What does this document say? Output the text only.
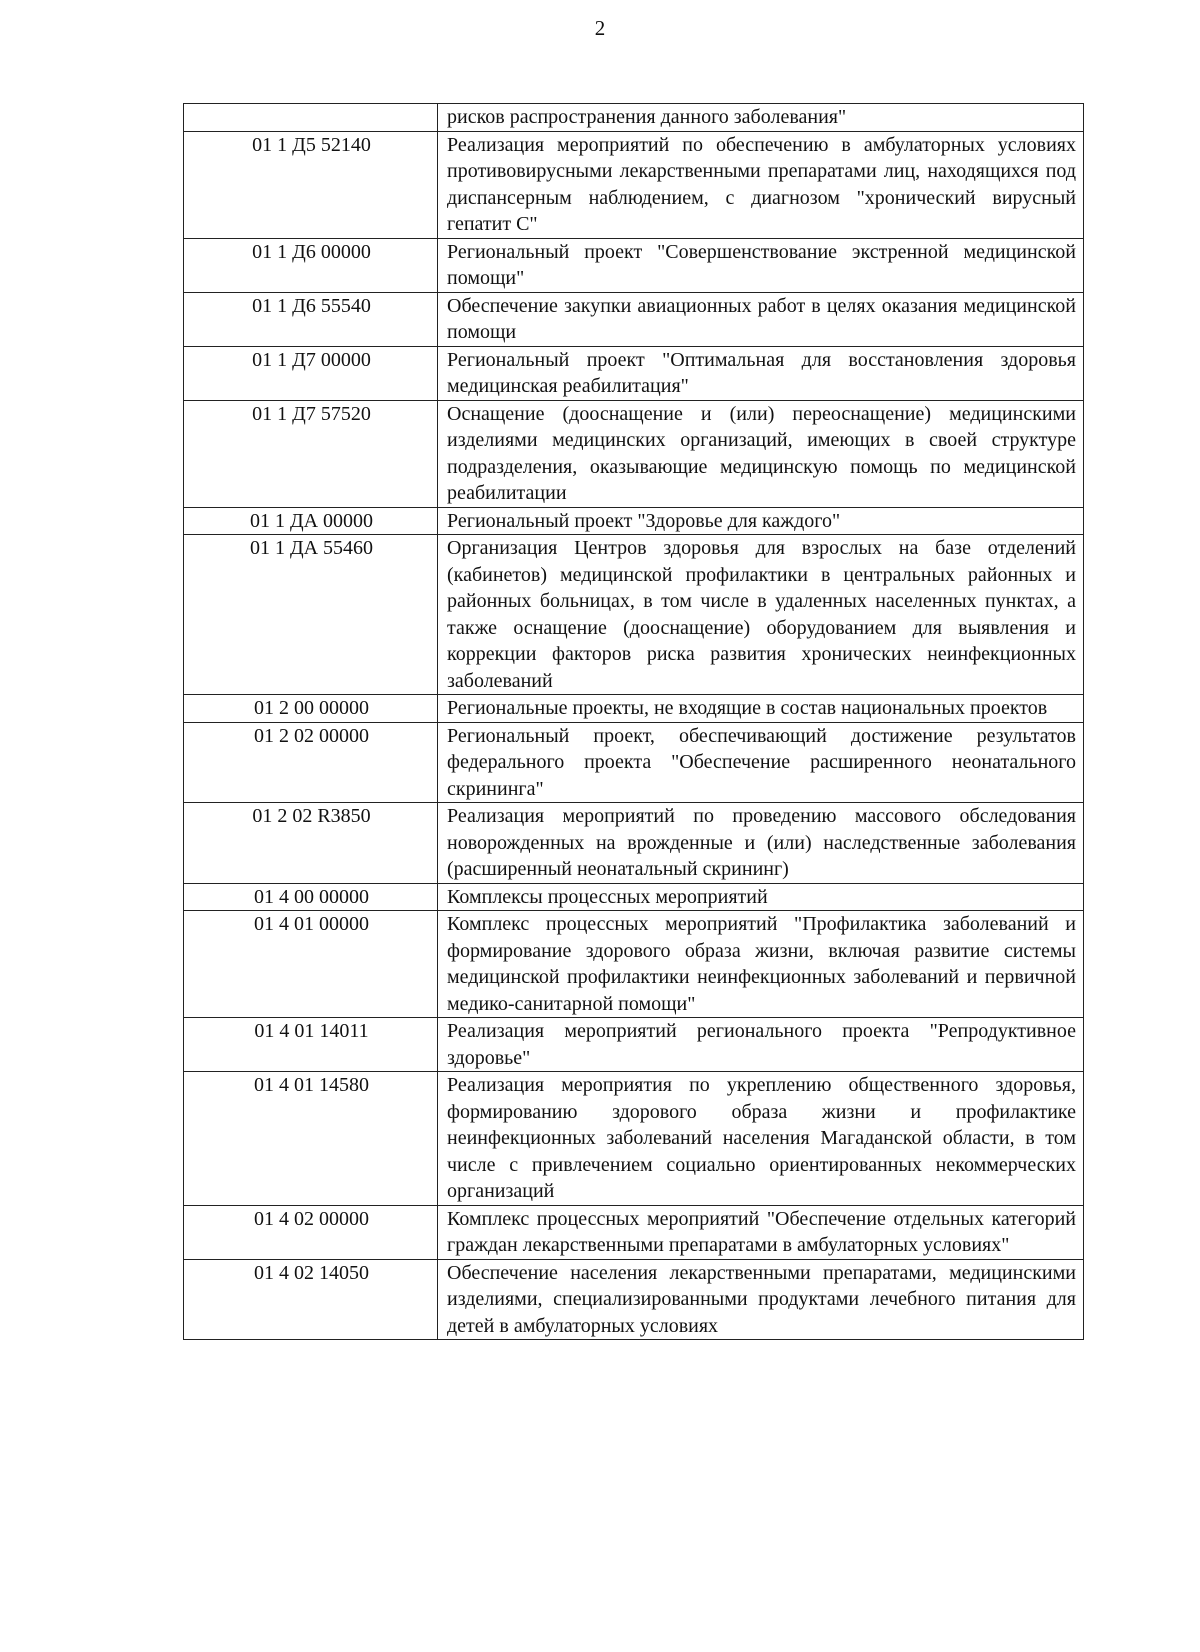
2
	рисков распространения данного заболевания"
01 1 Д5 52140	Реализация мероприятий по обеспечению в амбулаторных условиях противовирусными лекарственными препаратами лиц, находящихся под диспансерным наблюдением, с диагнозом "хронический вирусный гепатит С"
01 1 Д6 00000	Региональный проект "Совершенствование экстренной медицинской помощи"
01 1 Д6 55540	Обеспечение закупки авиационных работ в целях оказания медицинской помощи
01 1 Д7 00000	Региональный проект "Оптимальная для восстановления здоровья медицинская реабилитация"
01 1 Д7 57520	Оснащение (дооснащение и (или) переоснащение) медицинскими изделиями медицинских организаций, имеющих в своей структуре подразделения, оказывающие медицинскую помощь по медицинской реабилитации
01 1 ДА 00000	Региональный проект "Здоровье для каждого"
01 1 ДА 55460	Организация Центров здоровья для взрослых на базе отделений (кабинетов) медицинской профилактики в центральных районных и районных больницах, в том числе в удаленных населенных пунктах, а также оснащение (дооснащение) оборудованием для выявления и коррекции факторов риска развития хронических неинфекционных заболеваний
01 2 00 00000	Региональные проекты, не входящие в состав национальных проектов
01 2 02 00000	Региональный проект, обеспечивающий достижение результатов федерального проекта "Обеспечение расширенного неонатального скрининга"
01 2 02 R3850	Реализация мероприятий по проведению массового обследования новорожденных на врожденные и (или) наследственные заболевания (расширенный неонатальный скрининг)
01 4 00 00000	Комплексы процессных мероприятий
01 4 01 00000	Комплекс процессных мероприятий "Профилактика заболеваний и формирование здорового образа жизни, включая развитие системы медицинской профилактики неинфекционных заболеваний и первичной медико-санитарной помощи"
01 4 01 14011	Реализация мероприятий регионального проекта "Репродуктивное здоровье"
01 4 01 14580	Реализация мероприятия по укреплению общественного здоровья, формированию здорового образа жизни и профилактике неинфекционных заболеваний населения Магаданской области, в том числе с привлечением социально ориентированных некоммерческих организаций
01 4 02 00000	Комплекс процессных мероприятий "Обеспечение отдельных категорий граждан лекарственными препаратами в амбулаторных условиях"
01 4 02 14050	Обеспечение населения лекарственными препаратами, медицинскими изделиями, специализированными продуктами лечебного питания для детей в амбулаторных условиях
